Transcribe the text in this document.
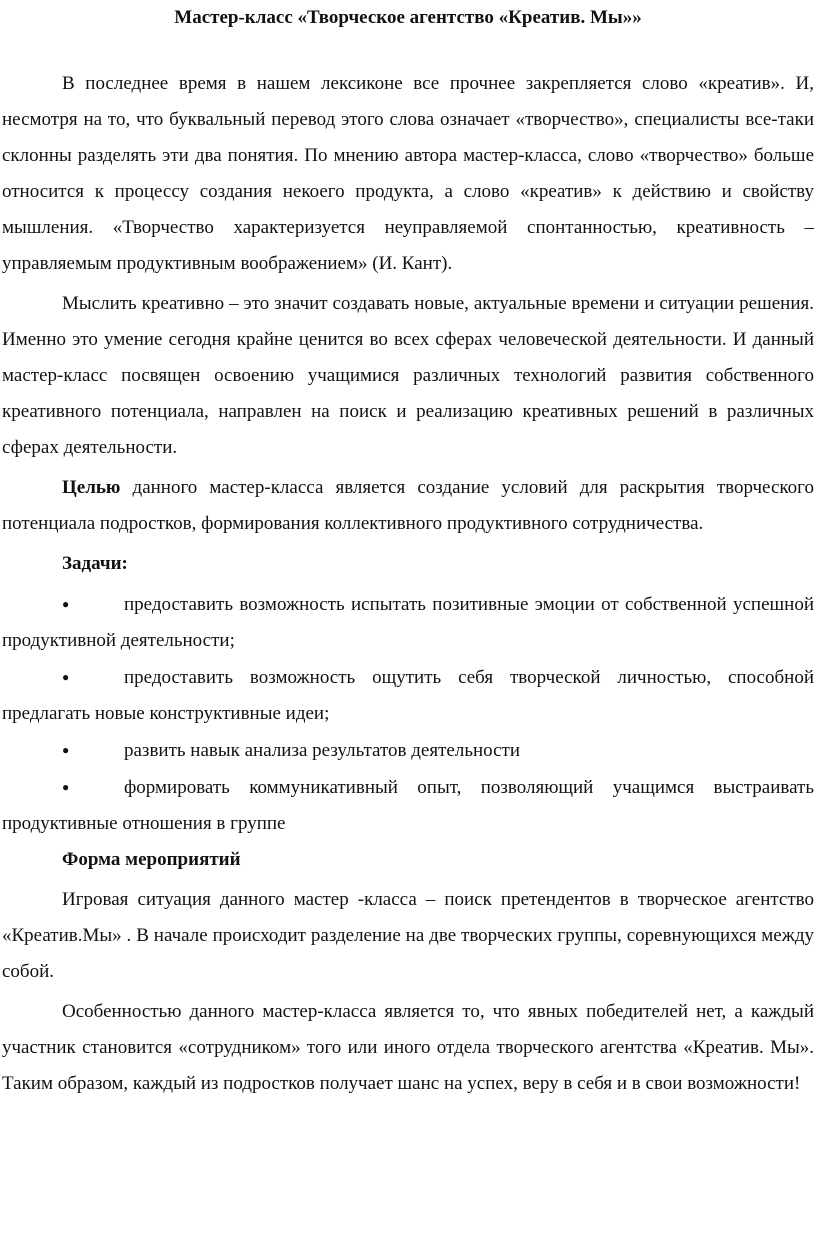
Мастер-класс «Творческое агентство «Креатив. Мы»»

В последнее время в нашем лексиконе все прочнее закрепляется слово «креатив». И, несмотря на то, что буквальный перевод этого слова означает «творчество», специалисты все-таки склонны разделять эти два понятия. По мнению автора мастер-класса, слово «творчество» больше относится к процессу создания некоего продукта, а слово «креатив» к действию и свойству мышления. «Творчество характеризуется неуправляемой спонтанностью, креативность – управляемым продуктивным воображением» (И. Кант).

Мыслить креативно – это значит создавать новые, актуальные времени и ситуации решения. Именно это умение сегодня крайне ценится во всех сферах человеческой деятельности. И данный мастер-класс посвящен освоению учащимися различных технологий развития собственного креативного потенциала, направлен на поиск и реализацию креативных решений в различных сферах деятельности.

Целью данного мастер-класса является создание условий для раскрытия творческого потенциала подростков, формирования коллективного продуктивного сотрудничества.

Задачи:

●предоставить возможность испытать позитивные эмоции от собственной успешной продуктивной деятельности;
●предоставить возможность ощутить себя творческой личностью, способной предлагать новые конструктивные идеи;
●развить навык анализа результатов деятельности
●формировать коммуникативный опыт, позволяющий учащимся выстраивать продуктивные отношения в группе

Форма мероприятий

Игровая ситуация данного мастер -класса – поиск претендентов в творческое агентство «Креатив.Мы» . В начале происходит разделение на две творческих группы, соревнующихся между собой.

Особенностью данного мастер-класса является то, что явных победителей нет, а каждый участник становится «сотрудником» того или иного отдела творческого агентства «Креатив. Мы». Таким образом, каждый из подростков получает шанс на успех, веру в себя и в свои возможности!
